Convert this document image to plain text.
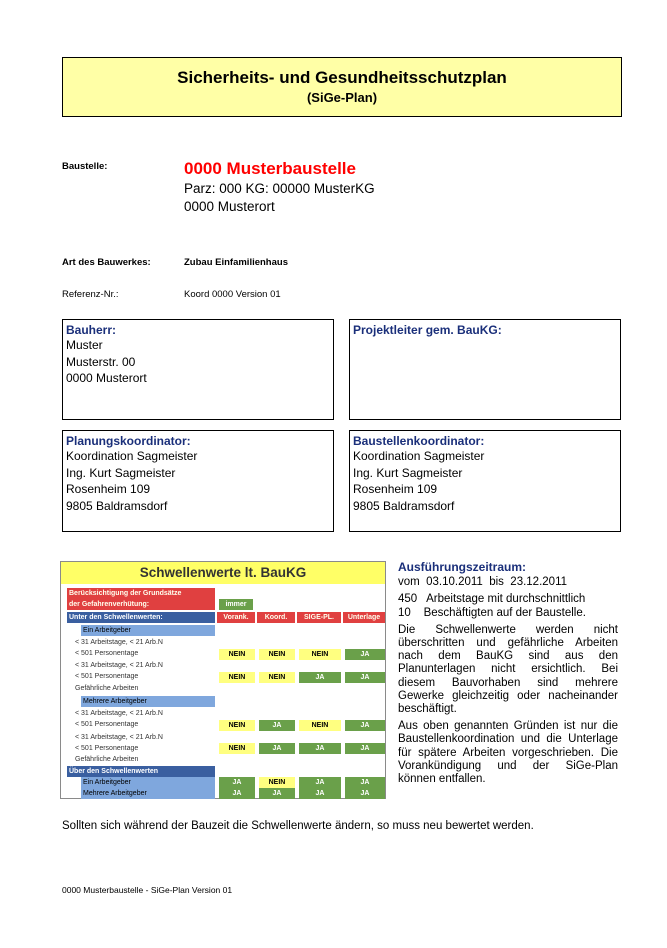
Sicherheits- und Gesundheitsschutzplan
(SiGe-Plan)
Baustelle:	0000 Musterbaustelle
Parz: 000 KG: 00000 MusterKG
0000 Musterort
Art des Bauwerkes:	Zubau Einfamilienhaus
Referenz-Nr.:	Koord 0000 Version 01
Bauherr:
Muster
Musterstr. 00
0000 Musterort
Projektleiter gem. BauKG:
Planungskoordinator:
Koordination Sagmeister
Ing. Kurt Sagmeister
Rosenheim 109
9805 Baldramsdorf
Baustellenkoordinator:
Koordination Sagmeister
Ing. Kurt Sagmeister
Rosenheim 109
9805 Baldramsdorf
Schwellenwerte lt. BauKG
Berücksichtigung der Grundsätze
der Gefahrenverhütung:	immer
Unter den Schwellenwerten:	Vorank.	Koord.	SIGE-PL.	Unterlage
Ein Arbeitgeber
< 31 Arbeitstage, < 21 Arb.N
< 501 Personentage	NEIN	NEIN	NEIN	JA
< 31 Arbeitstage, < 21 Arb.N
< 501 Personentage	NEIN	NEIN	JA	JA
Gefährliche Arbeiten
Mehrere Arbeitgeber
< 31 Arbeitstage, < 21 Arb.N
< 501 Personentage	NEIN	JA	NEIN	JA
< 31 Arbeitstage, < 21 Arb.N
< 501 Personentage	NEIN	JA	JA	JA
Gefährliche Arbeiten
Über den Schwellenwerten
Ein Arbeitgeber	JA	NEIN	JA	JA
Mehrere Arbeitgeber	JA	JA	JA	JA
Ausführungszeitraum:
vom  03.10.2011  bis  23.12.2011
450   Arbeitstage mit durchschnittlich
10    Beschäftigten auf der Baustelle.
Die Schwellenwerte werden nicht überschritten und gefährliche Arbeiten nach dem BauKG sind aus den Planunterlagen nicht ersichtlich. Bei diesem Bauvorhaben sind mehrere Gewerke gleichzeitig oder nacheinander beschäftigt.
Aus oben genannten Gründen ist nur die Baustellenkoordination und die Unterlage für spätere Arbeiten vorgeschrieben. Die Vorankündigung und der SiGe-Plan können entfallen.
Sollten sich während der Bauzeit die Schwellenwerte ändern, so muss neu bewertet werden.
0000 Musterbaustelle - SiGe-Plan Version 01
